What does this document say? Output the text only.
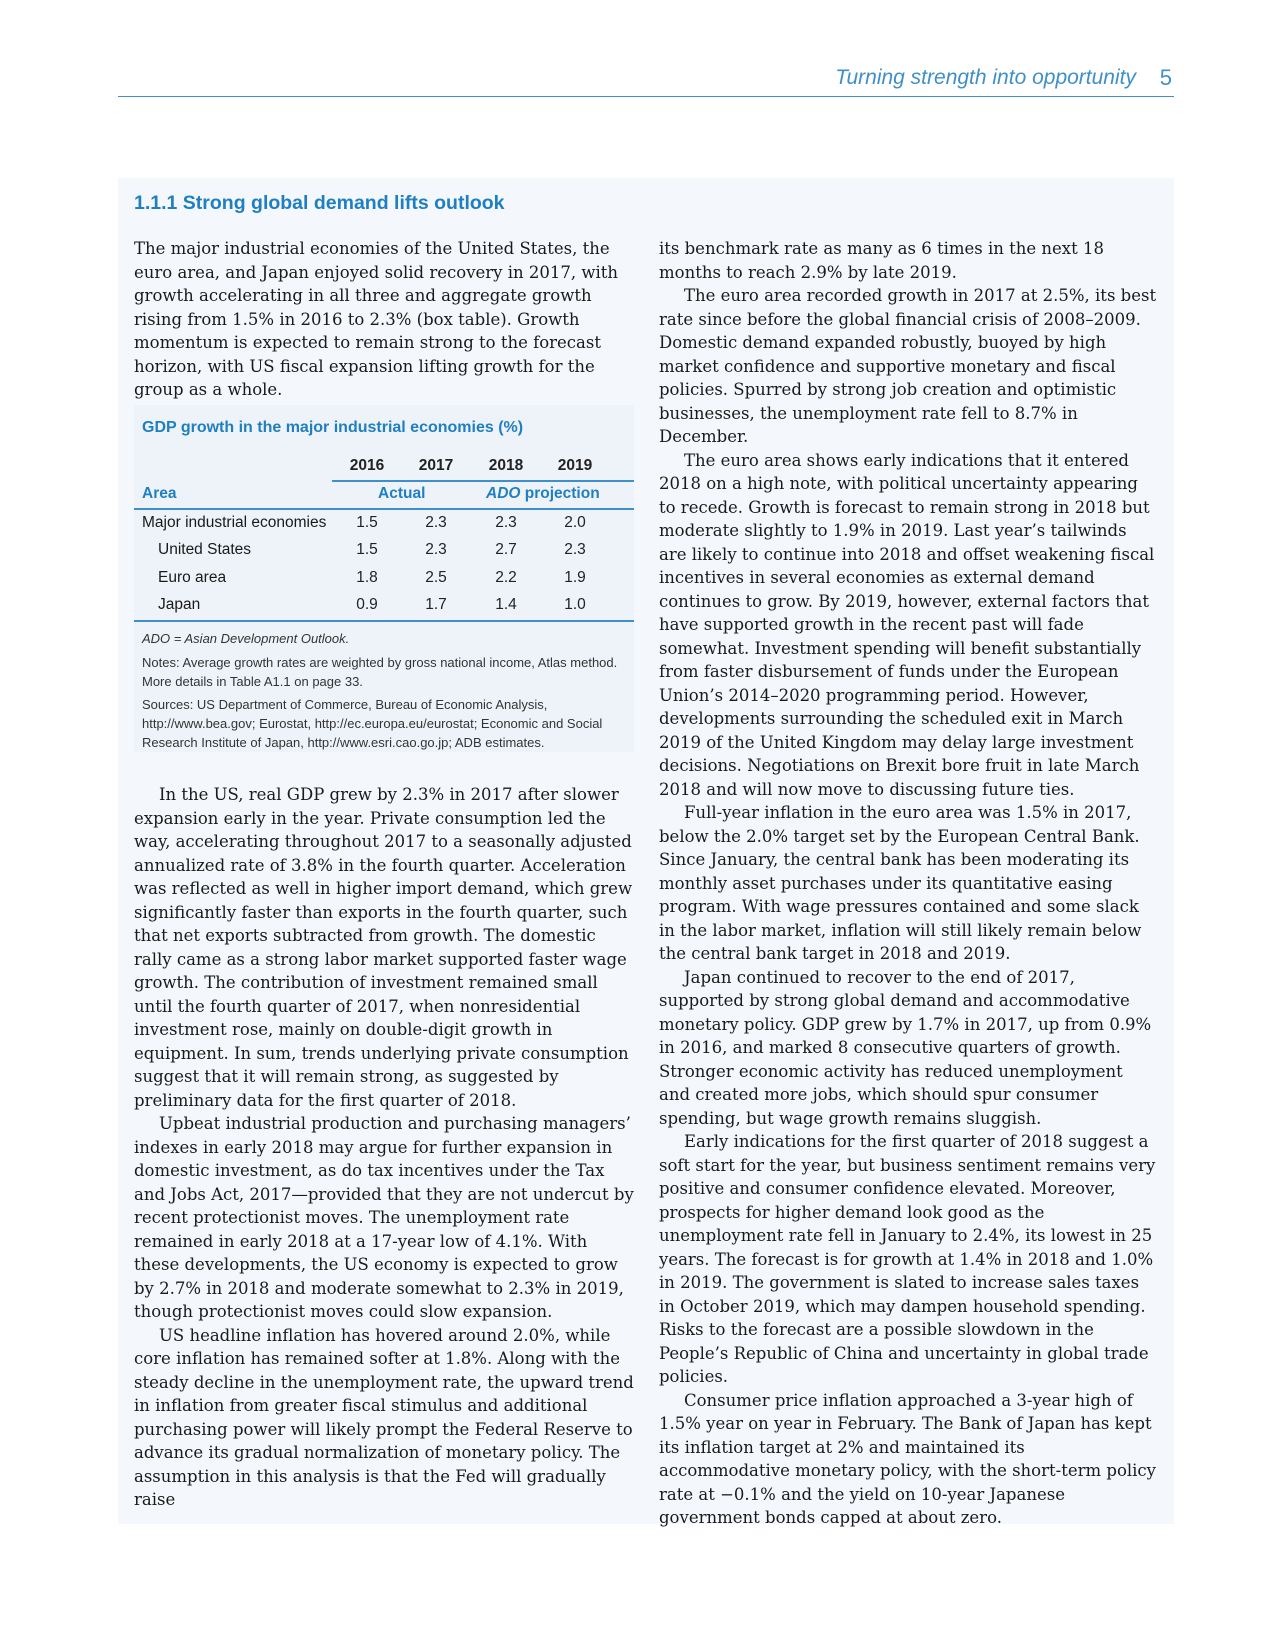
Turning strength into opportunity 5
1.1.1 Strong global demand lifts outlook

The major industrial economies of the United States, the euro area, and Japan enjoyed solid recovery in 2017, with growth accelerating in all three and aggregate growth rising from 1.5% in 2016 to 2.3% (box table). Growth momentum is expected to remain strong to the forecast horizon, with US fiscal expansion lifting growth for the group as a whole.

GDP growth in the major industrial economies (%)
2016	2017	2018	2019
Area	Actual	ADO projection
Major industrial economies	1.5	2.3	2.3	2.0
United States	1.5	2.3	2.7	2.3
Euro area	1.8	2.5	2.2	1.9
Japan	0.9	1.7	1.4	1.0
ADO = Asian Development Outlook.
Notes: Average growth rates are weighted by gross national income, Atlas method. More details in Table A1.1 on page 33.
Sources: US Department of Commerce, Bureau of Economic Analysis, http://www.bea.gov; Eurostat, http://ec.europa.eu/eurostat; Economic and Social Research Institute of Japan, http://www.esri.cao.go.jp; ADB estimates.

In the US, real GDP grew by 2.3% in 2017 after slower expansion early in the year. Private consumption led the way, accelerating throughout 2017 to a seasonally adjusted annualized rate of 3.8% in the fourth quarter. Acceleration was reflected as well in higher import demand, which grew significantly faster than exports in the fourth quarter, such that net exports subtracted from growth. The domestic rally came as a strong labor market supported faster wage growth. The contribution of investment remained small until the fourth quarter of 2017, when nonresidential investment rose, mainly on double-digit growth in equipment. In sum, trends underlying private consumption suggest that it will remain strong, as suggested by preliminary data for the first quarter of 2018.

Upbeat industrial production and purchasing managers’ indexes in early 2018 may argue for further expansion in domestic investment, as do tax incentives under the Tax and Jobs Act, 2017—provided that they are not undercut by recent protectionist moves. The unemployment rate remained in early 2018 at a 17-year low of 4.1%. With these developments, the US economy is expected to grow by 2.7% in 2018 and moderate somewhat to 2.3% in 2019, though protectionist moves could slow expansion.

US headline inflation has hovered around 2.0%, while core inflation has remained softer at 1.8%. Along with the steady decline in the unemployment rate, the upward trend in inflation from greater fiscal stimulus and additional purchasing power will likely prompt the Federal Reserve to advance its gradual normalization of monetary policy. The assumption in this analysis is that the Fed will gradually raise

its benchmark rate as many as 6 times in the next 18 months to reach 2.9% by late 2019.

The euro area recorded growth in 2017 at 2.5%, its best rate since before the global financial crisis of 2008–2009. Domestic demand expanded robustly, buoyed by high market confidence and supportive monetary and fiscal policies. Spurred by strong job creation and optimistic businesses, the unemployment rate fell to 8.7% in December.

The euro area shows early indications that it entered 2018 on a high note, with political uncertainty appearing to recede. Growth is forecast to remain strong in 2018 but moderate slightly to 1.9% in 2019. Last year’s tailwinds are likely to continue into 2018 and offset weakening fiscal incentives in several economies as external demand continues to grow. By 2019, however, external factors that have supported growth in the recent past will fade somewhat. Investment spending will benefit substantially from faster disbursement of funds under the European Union’s 2014–2020 programming period. However, developments surrounding the scheduled exit in March 2019 of the United Kingdom may delay large investment decisions. Negotiations on Brexit bore fruit in late March 2018 and will now move to discussing future ties.

Full-year inflation in the euro area was 1.5% in 2017, below the 2.0% target set by the European Central Bank. Since January, the central bank has been moderating its monthly asset purchases under its quantitative easing program. With wage pressures contained and some slack in the labor market, inflation will still likely remain below the central bank target in 2018 and 2019.

Japan continued to recover to the end of 2017, supported by strong global demand and accommodative monetary policy. GDP grew by 1.7% in 2017, up from 0.9% in 2016, and marked 8 consecutive quarters of growth. Stronger economic activity has reduced unemployment and created more jobs, which should spur consumer spending, but wage growth remains sluggish.

Early indications for the first quarter of 2018 suggest a soft start for the year, but business sentiment remains very positive and consumer confidence elevated. Moreover, prospects for higher demand look good as the unemployment rate fell in January to 2.4%, its lowest in 25 years. The forecast is for growth at 1.4% in 2018 and 1.0% in 2019. The government is slated to increase sales taxes in October 2019, which may dampen household spending. Risks to the forecast are a possible slowdown in the People’s Republic of China and uncertainty in global trade policies.

Consumer price inflation approached a 3-year high of 1.5% year on year in February. The Bank of Japan has kept its inflation target at 2% and maintained its accommodative monetary policy, with the short-term policy rate at −0.1% and the yield on 10-year Japanese government bonds capped at about zero.
